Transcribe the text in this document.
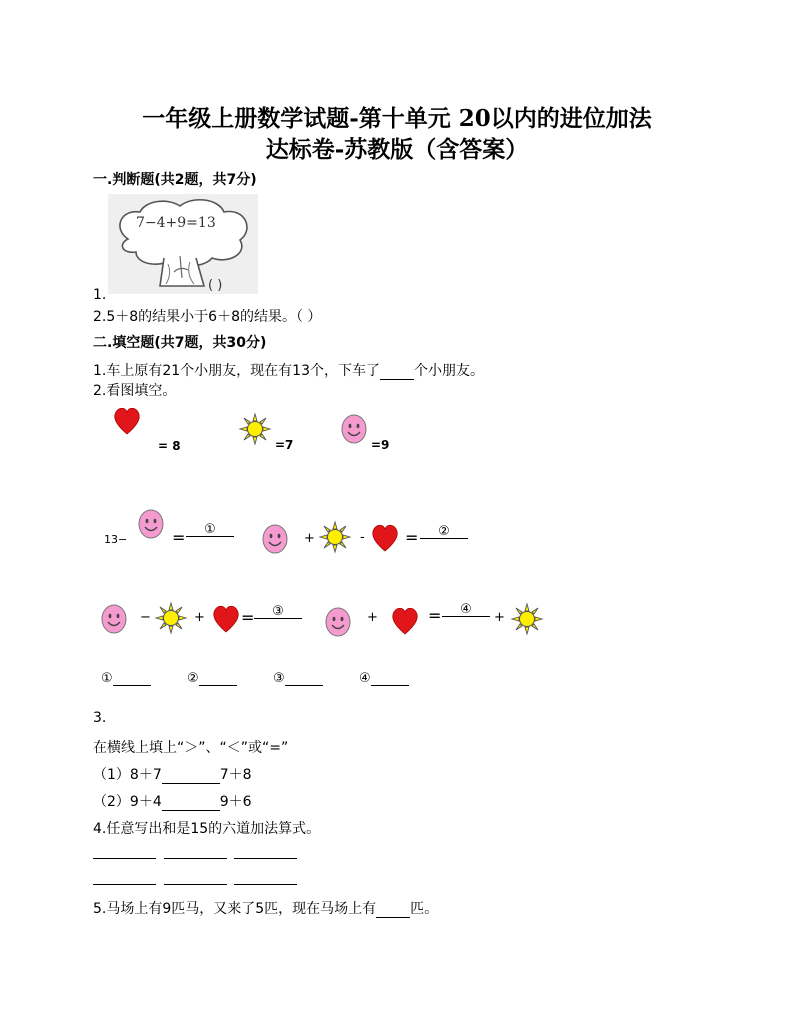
一年级上册数学试题-第十单元 20以内的进位加法
达标卷-苏教版（含答案）
一.判断题(共2题，共7分)
7−4+9=13
( )
1.
2.5＋8的结果小于6＋8的结果。（ ）
二.填空题(共7题，共30分)
1.车上原有21个小朋友，现在有13个，下车了 个小朋友。
2.看图填空。
= 8	=7	=9
13−	=	①
+	-	=	②
−	+ =	③	+	=	④
+
①	②	③	④
3.
在横线上填上“＞”、“＜”或“=”
（1）8＋7	7＋8
（2）9＋4	9＋6
4.任意写出和是15的六道加法算式。
5.马场上有9匹马，又来了5匹，现在马场上有 匹。
